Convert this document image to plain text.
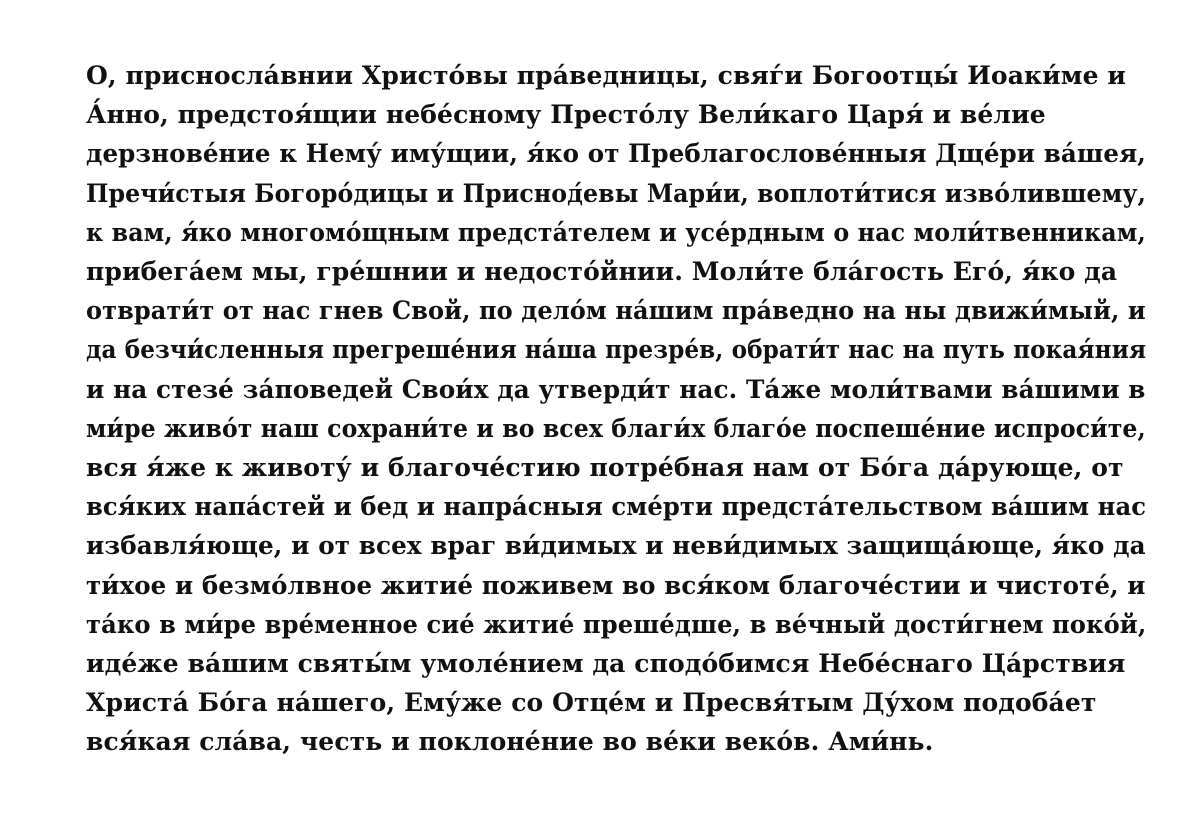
О, присносла́внии Христо́вы пра́ведницы, свяѓи Богоотцы́ Иоаки́ме и
А́нно, предстоя́щии небе́сному Престо́лу Вели́каго Царя́ и ве́лие
дерзнове́ние к Нему́ иму́щии, я́ко от Преблагослове́нныя Дще́ри ва́шея,
Пречи́стыя Богоро́дицы и Приснод́евы Мари́и, воплоти́тися изво́лившему,
к вам, я́ко многомо́щным предста́телем и усе́рдным о нас моли́твенникам,
прибега́ем мы, гре́шнии и недосто́йнии. Моли́те бла́гость Его́, я́ко да
отврати́т от нас гнев Свой, по дело́м на́шим пра́ведно на ны движи́мый, и
да безчи́сленныя прегреше́ния на́ша презре́в, обрати́т нас на путь покая́ния
и на стезе́ за́поведей Свои́х да утверди́т нас. Та́же моли́твами ва́шими в
ми́ре живо́т наш сохрани́те и во всех благи́х благо́е поспеше́ние испроси́те,
вся я́же к животу́ и благоче́стию потре́бная нам от Бо́га да́рующе, от
вся́ких напа́стей и бед и напра́сныя сме́рти предста́тельством ва́шим нас
избавля́юще, и от всех враг ви́димых и неви́димых защища́юще, я́ко да
ти́хое и безмо́лвное житие́ поживем во вся́ком благоче́стии и чистоте́, и
та́ко в ми́ре вре́менное сие́ житие́ преше́дше, в ве́чный дости́гнем поко́й,
иде́же ва́шим святы́м умоле́нием да сподо́бимся Небе́снаго Ца́рствия
Христа́ Бо́га на́шего, Ему́же со Отце́м и Пресвя́тым Ду́хом подоба́ет
вся́кая сла́ва, честь и поклоне́ние во ве́ки веко́в. Ами́нь.
